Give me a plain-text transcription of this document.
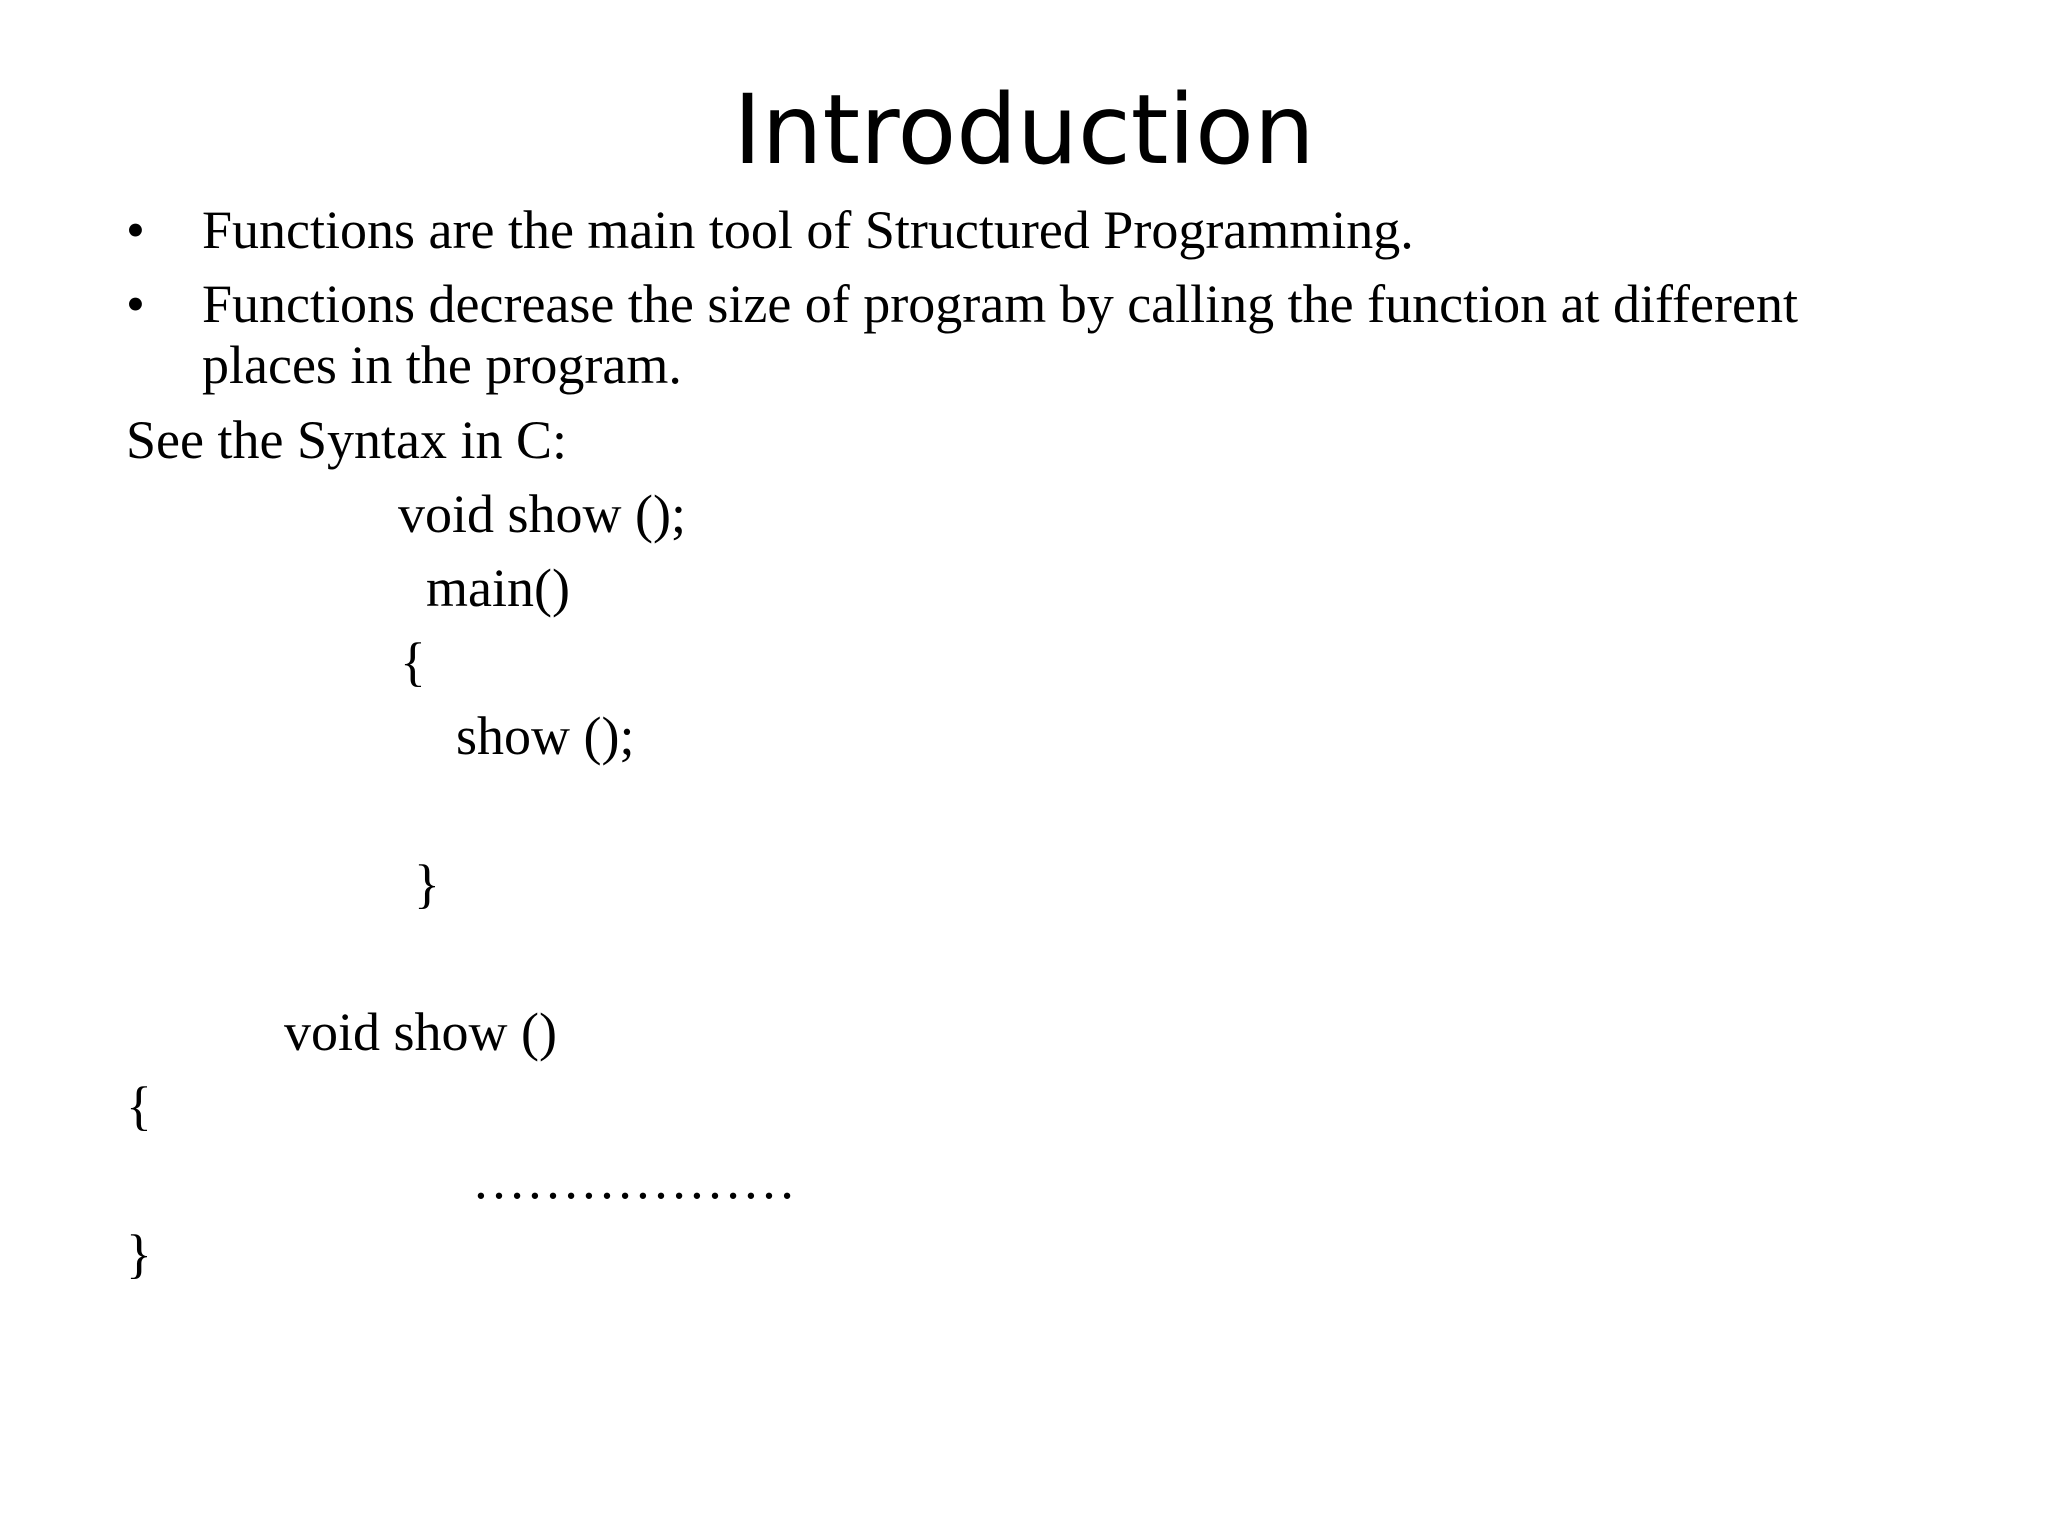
Introduction
• Functions are the main tool of Structured Programming.
• Functions decrease the size of program by calling the function at different
places in the program.
See the Syntax in C:
void show ();
main()
{
show ();
}
void show ()
{
………………
}
